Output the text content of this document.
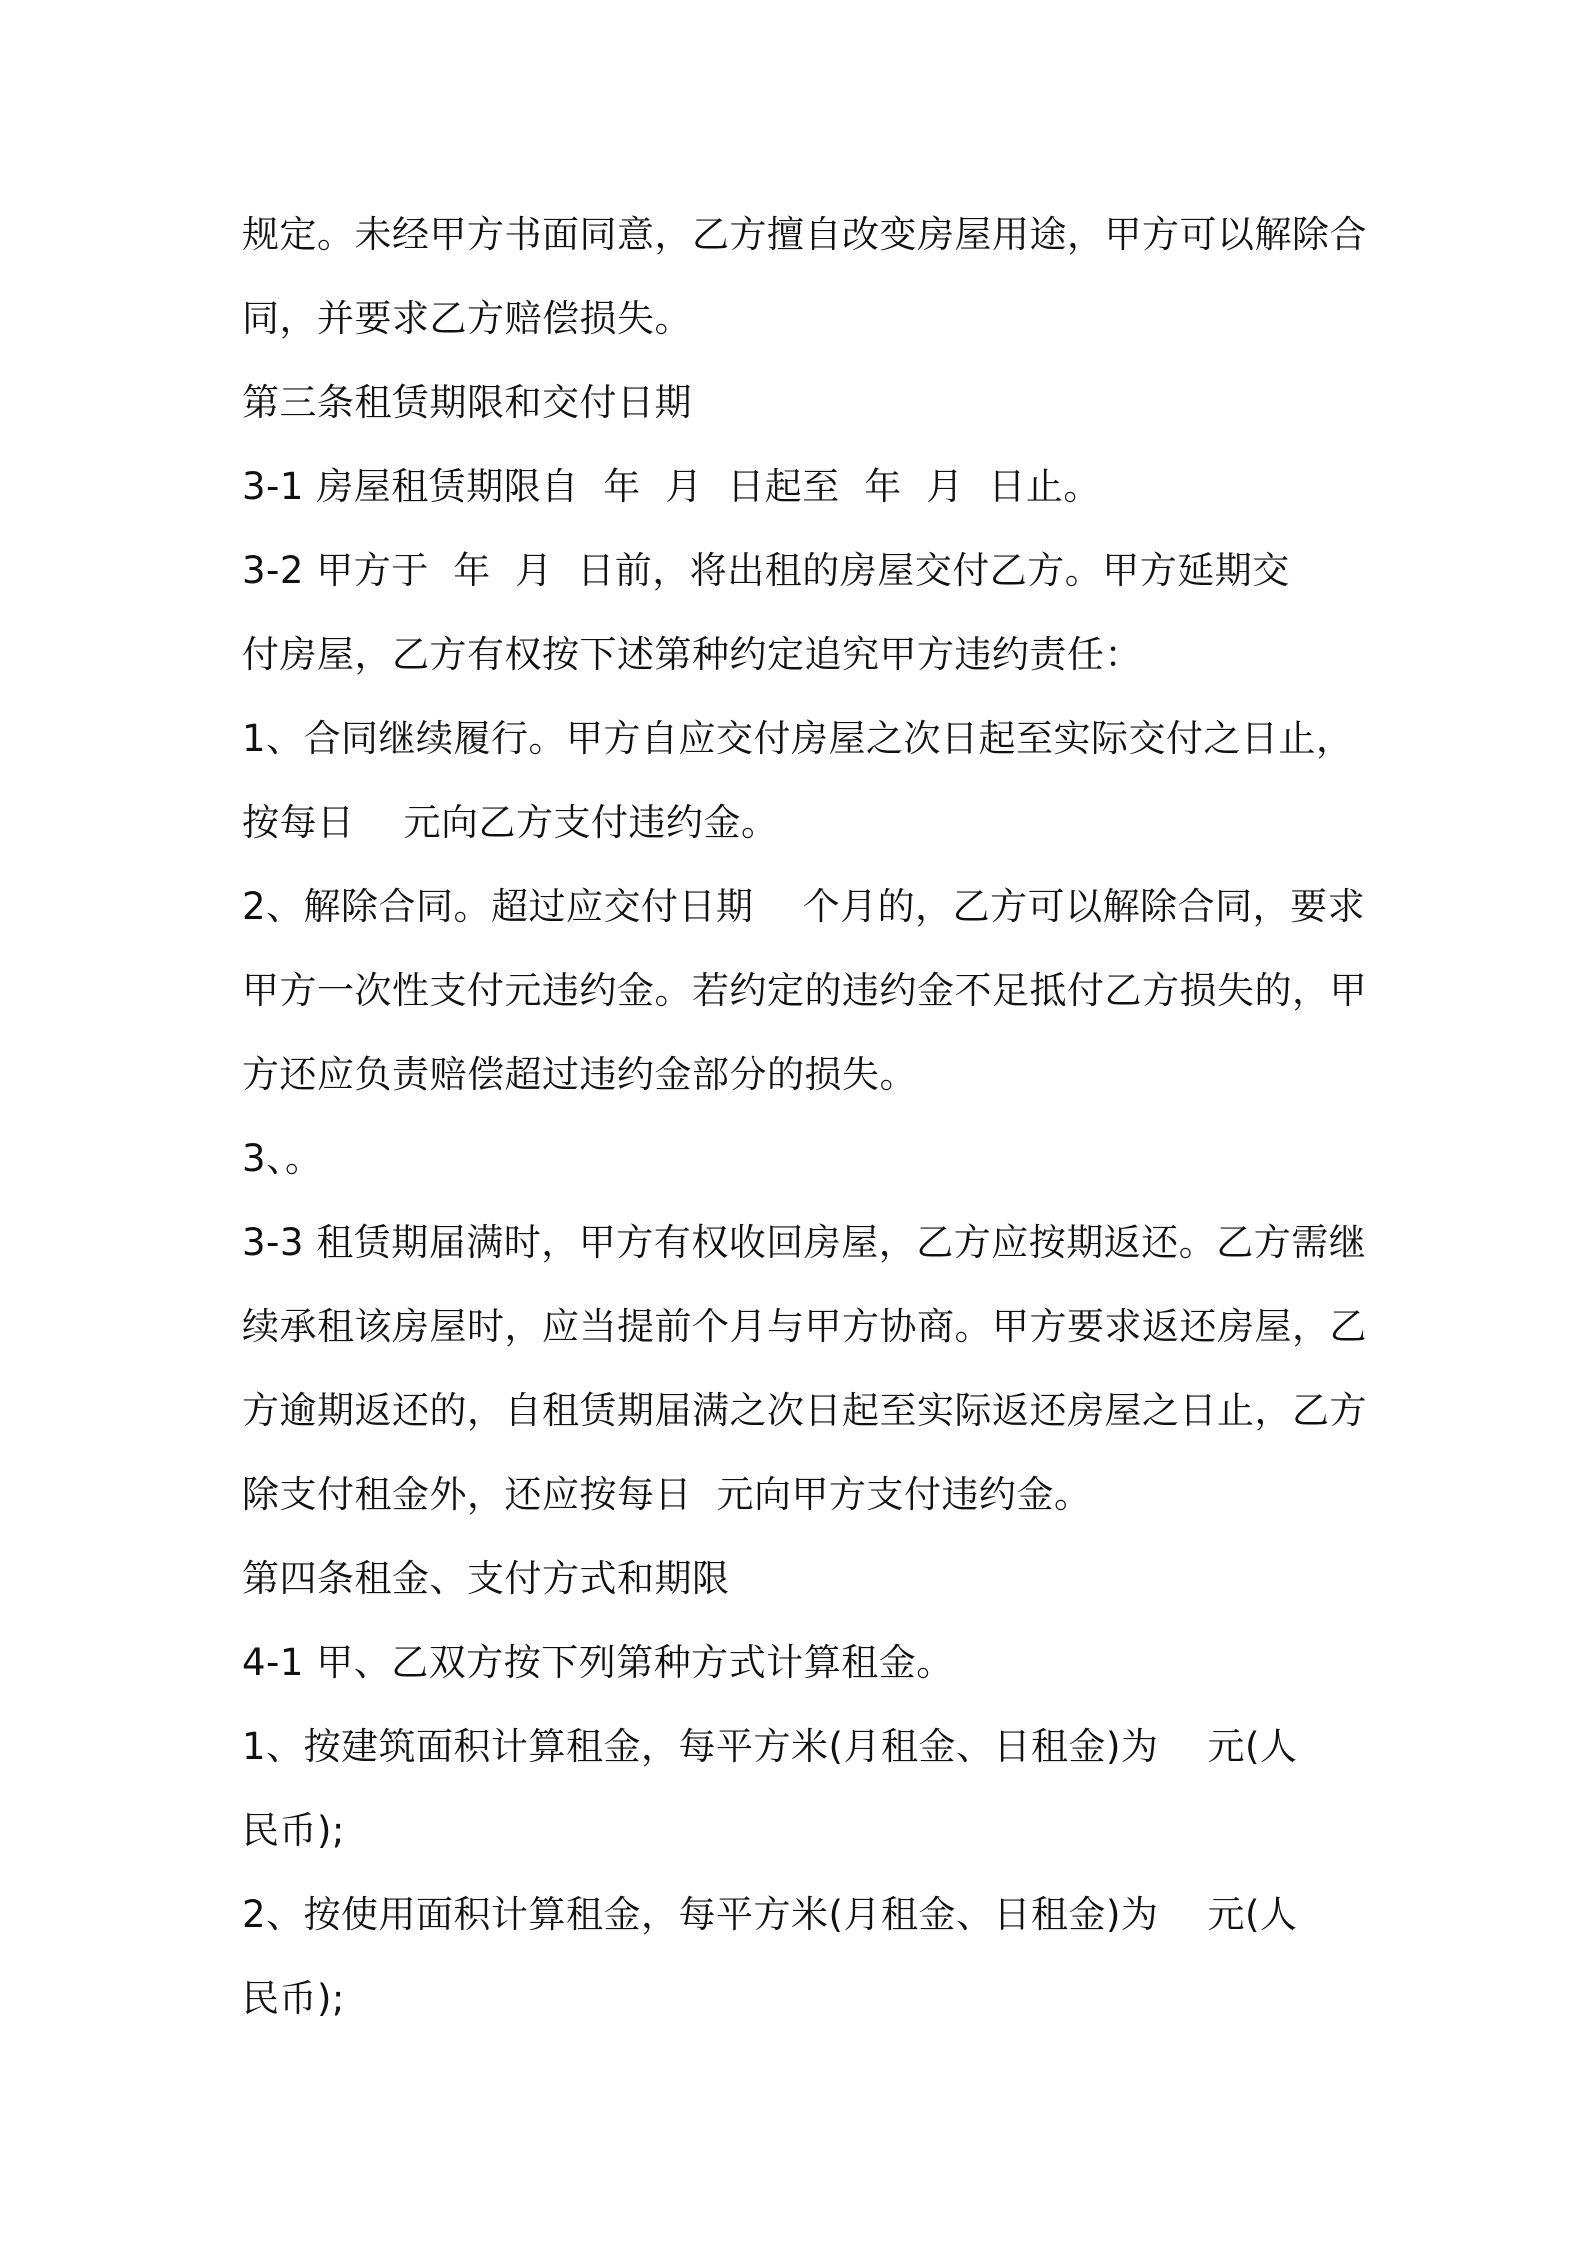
规定。未经甲方书面同意，乙方擅自改变房屋用途，甲方可以解除合
同，并要求乙方赔偿损失。
第三条租赁期限和交付日期
3-1 房屋租赁期限自  年  月  日起至  年  月  日止。
3-2 甲方于  年  月  日前，将出租的房屋交付乙方。甲方延期交
付房屋，乙方有权按下述第种约定追究甲方违约责任：
1、合同继续履行。甲方自应交付房屋之次日起至实际交付之日止，
按每日    元向乙方支付违约金。
2、解除合同。超过应交付日期    个月的，乙方可以解除合同，要求
甲方一次性支付元违约金。若约定的违约金不足抵付乙方损失的，甲
方还应负责赔偿超过违约金部分的损失。
3、。
3-3 租赁期届满时，甲方有权收回房屋，乙方应按期返还。乙方需继
续承租该房屋时，应当提前个月与甲方协商。甲方要求返还房屋，乙
方逾期返还的，自租赁期届满之次日起至实际返还房屋之日止，乙方
除支付租金外，还应按每日  元向甲方支付违约金。
第四条租金、支付方式和期限
4-1 甲、乙双方按下列第种方式计算租金。
1、按建筑面积计算租金，每平方米(月租金、日租金)为    元(人
民币);
2、按使用面积计算租金，每平方米(月租金、日租金)为    元(人
民币);
